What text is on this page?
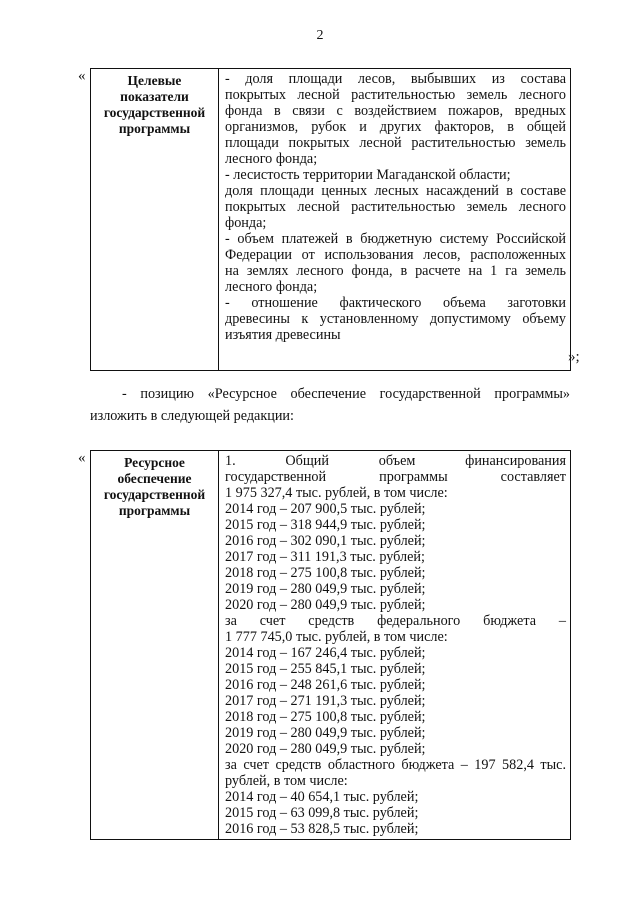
2
«	Целевые
показатели
государственной
программы

- доля площади лесов, выбывших из состава
покрытых лесной растительностью земель лесного
фонда в связи с воздействием пожаров, вредных
организмов, рубок и других факторов, в общей
площади покрытых лесной растительностью земель
лесного фонда;
- лесистость территории Магаданской области;
доля площади ценных лесных насаждений в составе
покрытых лесной растительностью земель лесного
фонда;
- объем платежей в бюджетную систему Российской
Федерации от использования лесов, расположенных
на землях лесного фонда, в расчете на 1 га земель
лесного фонда;
- отношение фактического объема заготовки
древесины к установленному допустимому объему
изъятия древесины
»;
- позицию «Ресурсное обеспечение государственной программы»
изложить в следующей редакции:
«	Ресурсное
обеспечение
государственной
программы

1. Общий объем финансирования
государственной программы составляет
1 975 327,4 тыс. рублей, в том числе:
2014 год – 207 900,5 тыс. рублей;
2015 год – 318 944,9 тыс. рублей;
2016 год – 302 090,1 тыс. рублей;
2017 год – 311 191,3 тыс. рублей;
2018 год – 275 100,8 тыс. рублей;
2019 год – 280 049,9 тыс. рублей;
2020 год – 280 049,9 тыс. рублей;
за счет средств федерального бюджета –
1 777 745,0 тыс. рублей, в том числе:
2014 год – 167 246,4 тыс. рублей;
2015 год – 255 845,1 тыс. рублей;
2016 год – 248 261,6 тыс. рублей;
2017 год – 271 191,3 тыс. рублей;
2018 год – 275 100,8 тыс. рублей;
2019 год – 280 049,9 тыс. рублей;
2020 год – 280 049,9 тыс. рублей;
за счет средств областного бюджета – 197 582,4 тыс.
рублей, в том числе:
2014 год – 40 654,1 тыс. рублей;
2015 год – 63 099,8 тыс. рублей;
2016 год – 53 828,5 тыс. рублей;
